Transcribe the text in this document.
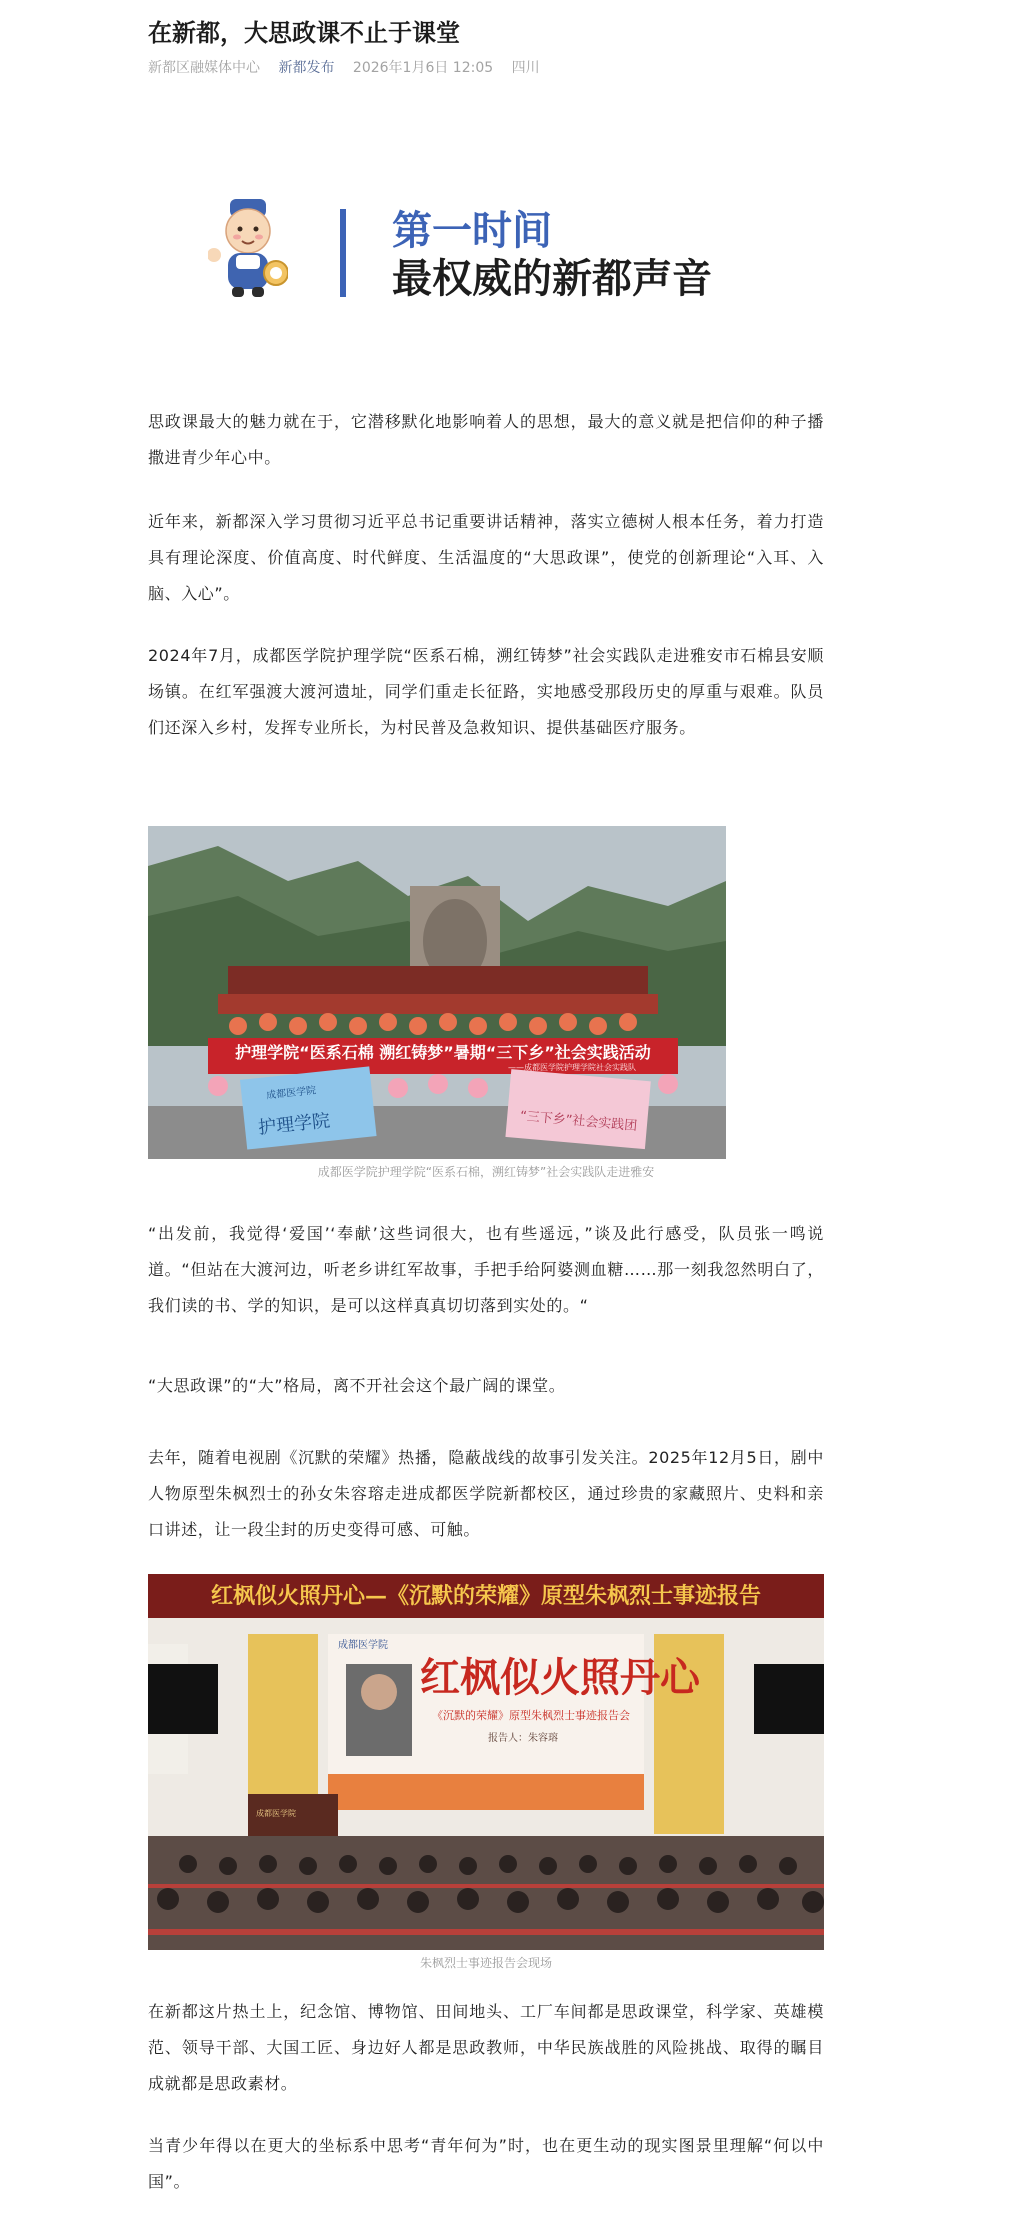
在新都，大思政课不止于课堂
新都区融媒体中心 新都发布 2026年1月6日 12:05 四川
第一时间
最权威的新都声音

思政课最大的魅力就在于，它潜移默化地影响着人的思想，最大的意义就是把信仰的种子播撒进青少年心中。

近年来，新都深入学习贯彻习近平总书记重要讲话精神，落实立德树人根本任务，着力打造具有理论深度、价值高度、时代鲜度、生活温度的“大思政课”，使党的创新理论“入耳、入脑、入心”。

2024年7月，成都医学院护理学院“医系石棉，溯红铸梦”社会实践队走进雅安市石棉县安顺场镇。在红军强渡大渡河遗址，同学们重走长征路，实地感受那段历史的厚重与艰难。队员们还深入乡村，发挥专业所长，为村民普及急救知识、提供基础医疗服务。

护理学院“医系石棉 溯红铸梦”暑期“三下乡”社会实践活动
——成都医学院护理学院社会实践队
护理学院	“三下乡”社会实践团
成都医学院
成都医学院护理学院“医系石棉，溯红铸梦”社会实践队走进雅安

“出发前，我觉得‘爱国’‘奉献’这些词很大，也有些遥远，”谈及此行感受，队员张一鸣说道。“但站在大渡河边，听老乡讲红军故事，手把手给阿婆测血糖……那一刻我忽然明白了，我们读的书、学的知识，是可以这样真真切切落到实处的。“

“大思政课”的“大”格局，离不开社会这个最广阔的课堂。

去年，随着电视剧《沉默的荣耀》热播，隐蔽战线的故事引发关注。2025年12月5日，剧中人物原型朱枫烈士的孙女朱容瑢走进成都医学院新都校区，通过珍贵的家藏照片、史料和亲口讲述，让一段尘封的历史变得可感、可触。

红枫似火照丹心—《沉默的荣耀》原型朱枫烈士事迹报告
红枫似火照丹心
《沉默的荣耀》原型朱枫烈士事迹报告会
报告人：朱容瑢
成都医学院
成都医学院
朱枫烈士事迹报告会现场

在新都这片热土上，纪念馆、博物馆、田间地头、工厂车间都是思政课堂，科学家、英雄模范、领导干部、大国工匠、身边好人都是思政教师，中华民族战胜的风险挑战、取得的瞩目成就都是思政素材。

当青少年得以在更大的坐标系中思考“青年何为”时，也在更生动的现实图景里理解“何以中国”。
